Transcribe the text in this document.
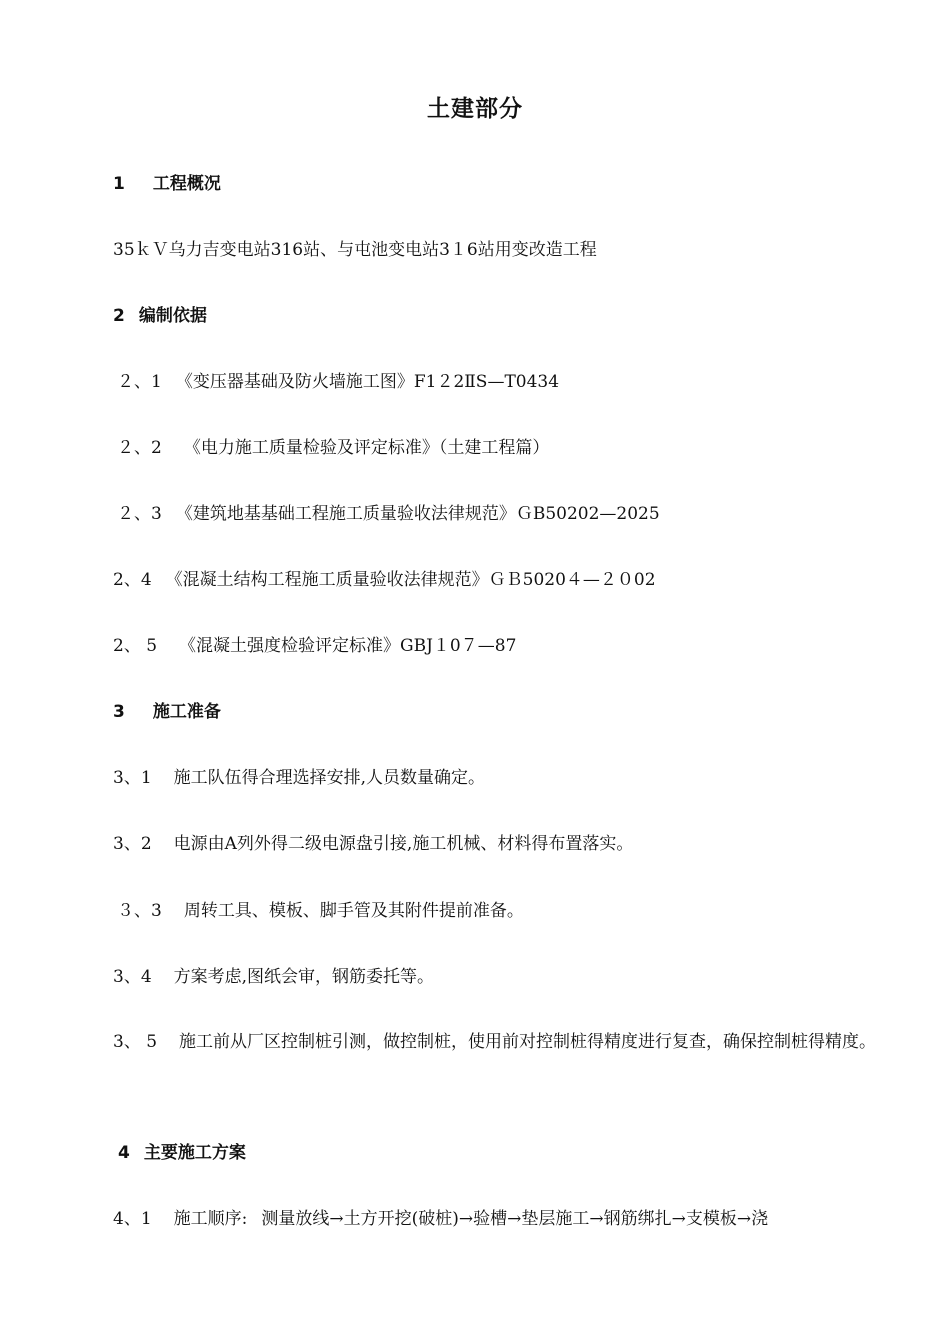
土建部分
1 工程概况
35ｋＶ乌力吉变电站316站、与屯池变电站3１6站用变改造工程
2 编制依据
２、1 《变压器基础及防火墙施工图》F1２2ⅡS—T0434
２、2 《电力施工质量检验及评定标准》（土建工程篇）
２、3 《建筑地基基础工程施工质量验收法律规范》ＧB50202—2025
2、4 《混凝土结构工程施工质量验收法律规范》ＧＢ5020４—２０02
2、 5 《混凝土强度检验评定标准》GBJ１0７—87
3 施工准备
3、1 施工队伍得合理选择安排,人员数量确定。
3、2 电源由A列外得二级电源盘引接,施工机械、材料得布置落实。
３、3 周转工具、模板、脚手管及其附件提前准备。
3、4 方案考虑,图纸会审，钢筋委托等。
3、 5 施工前从厂区控制桩引测，做控制桩，使用前对控制桩得精度进行复查，确保控制桩得精度。
4 主要施工方案
4、1 施工顺序: 测量放线→土方开挖(破桩)→验槽→垫层施工→钢筋绑扎→支模板→浇
